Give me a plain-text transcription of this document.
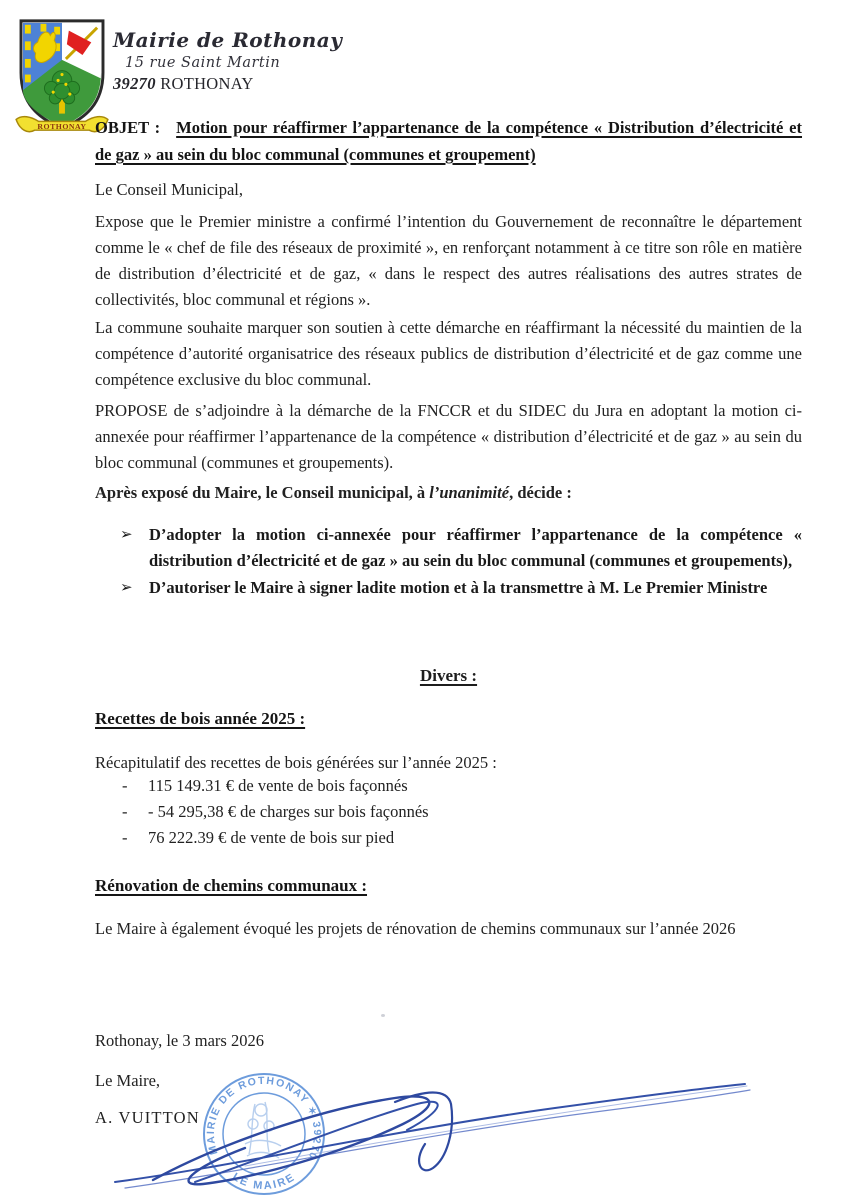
ROTHONAY
Mairie de Rothonay
15 rue Saint Martin
39270 ROTHONAY
OBJET : Motion pour réaffirmer l’appartenance de la compétence « Distribution d’électricité et de gaz » au sein du bloc communal (communes et groupement)

Le Conseil Municipal,

Expose que le Premier ministre a confirmé l’intention du Gouvernement de reconnaître le département comme le « chef de file des réseaux de proximité », en renforçant notamment à ce titre son rôle en matière de distribution d’électricité et de gaz, « dans le respect des autres réalisations des autres strates de collectivités, bloc communal et régions ».

La commune souhaite marquer son soutien à cette démarche en réaffirmant la nécessité du maintien de la compétence d’autorité organisatrice des réseaux publics de distribution d’électricité et de gaz comme une compétence exclusive du bloc communal.

PROPOSE de s’adjoindre à la démarche de la FNCCR et du SIDEC du Jura en adoptant la motion ci-annexée pour réaffirmer l’appartenance de la compétence « distribution d’électricité et de gaz » au sein du bloc communal (communes et groupements).

Après exposé du Maire, le Conseil municipal, à l’unanimité, décide :

➢ D’adopter la motion ci-annexée pour réaffirmer l’appartenance de la compétence « distribution d’électricité et de gaz » au sein du bloc communal (communes et groupements),
➢ D’autoriser le Maire à signer ladite motion et à la transmettre à M. Le Premier Ministre
Divers :
Recettes de bois année 2025 :

Récapitulatif des recettes de bois générées sur l’année 2025 :

-	115 149.31 € de vente de bois façonnés
-	- 54 295,38 € de charges sur bois façonnés
-	76 222.39 € de vente de bois sur pied
Rénovation de chemins communaux :

Le Maire à également évoqué les projets de rénovation de chemins communaux sur l’année 2026

Rothonay, le 3 mars 2026

Le Maire,

A. VUITTON

MAIRIE DE ROTHONAY ✶ 39270
LE MAIRE
